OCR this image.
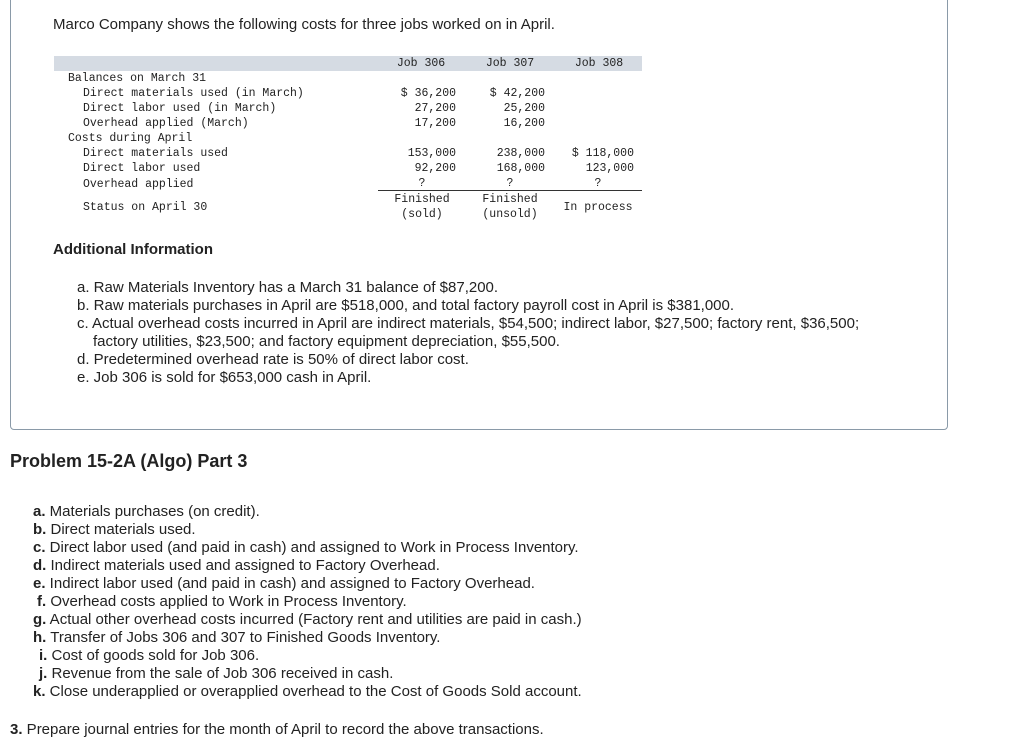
Marco Company shows the following costs for three jobs worked on in April.
Job 306	Job 307	Job 308
Balances on March 31
Direct materials used (in March)
Direct labor used (in March)
Overhead applied (March)
Costs during April
Direct materials used
Direct labor used
Overhead applied
Status on April 30
$ 36,200
27,200
17,200
153,000
92,200
?
Finished
(sold)
$ 42,200
25,200
16,200
238,000
168,000
?
Finished
(unsold)
$ 118,000
123,000
?
In process
Additional Information
a. Raw Materials Inventory has a March 31 balance of $87,200.
b. Raw materials purchases in April are $518,000, and total factory payroll cost in April is $381,000.
c. Actual overhead costs incurred in April are indirect materials, $54,500; indirect labor, $27,500; factory rent, $36,500;
factory utilities, $23,500; and factory equipment depreciation, $55,500.
d. Predetermined overhead rate is 50% of direct labor cost.
e. Job 306 is sold for $653,000 cash in April.
Problem 15-2A (Algo) Part 3
a. Materials purchases (on credit).
b. Direct materials used.
c. Direct labor used (and paid in cash) and assigned to Work in Process Inventory.
d. Indirect materials used and assigned to Factory Overhead.
e. Indirect labor used (and paid in cash) and assigned to Factory Overhead.
f. Overhead costs applied to Work in Process Inventory.
g. Actual other overhead costs incurred (Factory rent and utilities are paid in cash.)
h. Transfer of Jobs 306 and 307 to Finished Goods Inventory.
i. Cost of goods sold for Job 306.
j. Revenue from the sale of Job 306 received in cash.
k. Close underapplied or overapplied overhead to the Cost of Goods Sold account.
3. Prepare journal entries for the month of April to record the above transactions.
